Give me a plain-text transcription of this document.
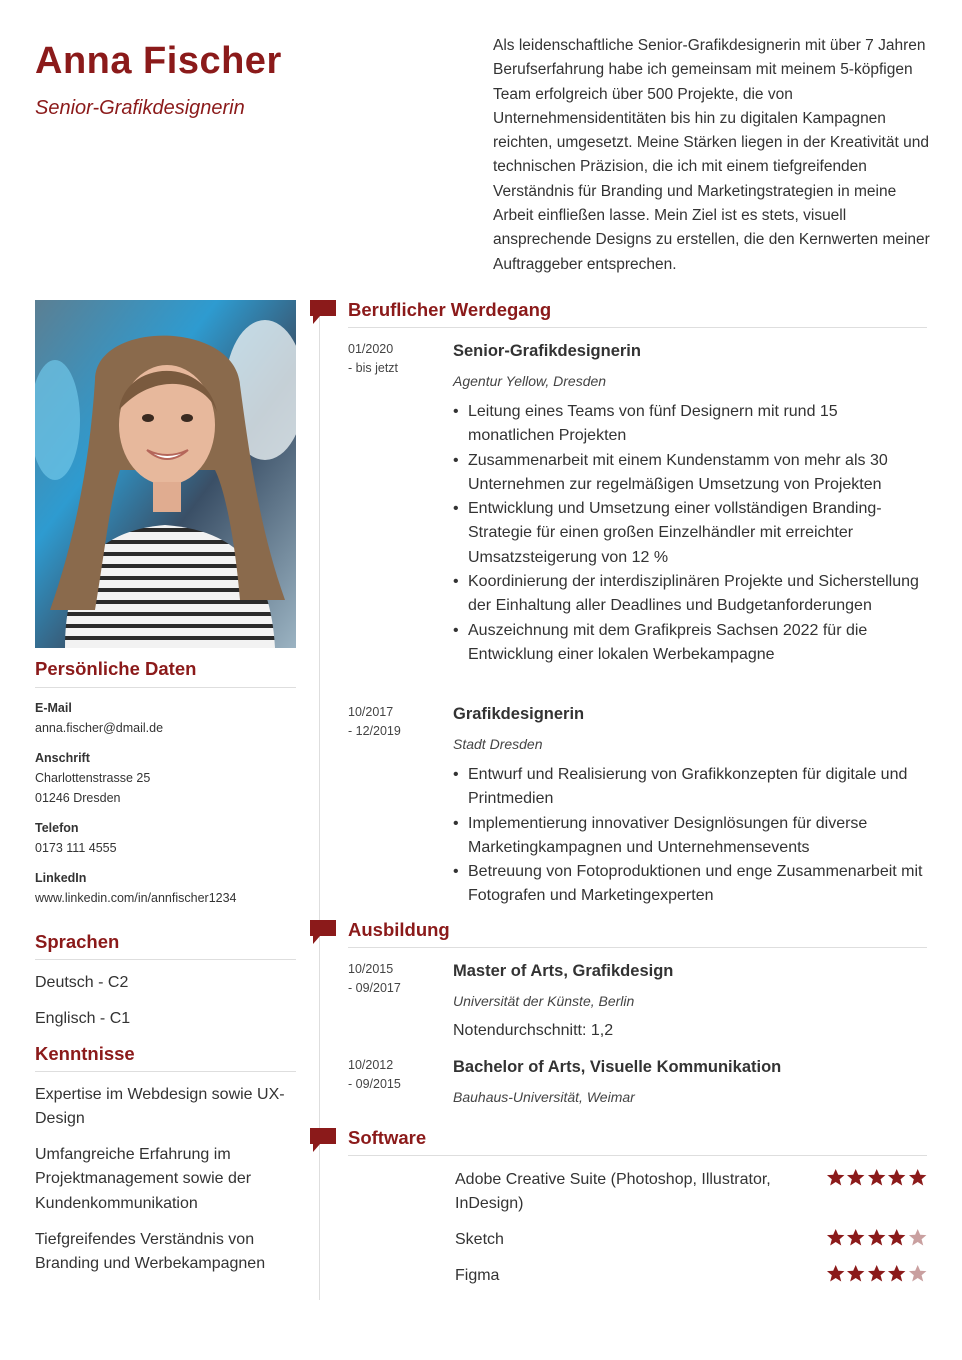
Anna Fischer
Senior-Grafikdesignerin

Als leidenschaftliche Senior-Grafikdesignerin mit über 7 Jahren Berufserfahrung habe ich gemeinsam mit meinem 5-köpfigen Team erfolgreich über 500 Projekte, die von Unternehmensidentitäten bis hin zu digitalen Kampagnen reichten, umgesetzt. Meine Stärken liegen in der Kreativität und technischen Präzision, die ich mit einem tiefgreifenden Verständnis für Branding und Marketingstrategien in meine Arbeit einfließen lasse. Mein Ziel ist es stets, visuell ansprechende Designs zu erstellen, die den Kernwerten meiner Auftraggeber entsprechen.

Persönliche Daten
E-Mail
anna.fischer@dmail.de
Anschrift
Charlottenstrasse 25
01246 Dresden
Telefon
0173 111 4555
LinkedIn
www.linkedin.com/in/annfischer1234
Sprachen
Deutsch - C2
Englisch - C1
Kenntnisse
Expertise im Webdesign sowie UX-Design
Umfangreiche Erfahrung im Projektmanagement sowie der Kundenkommunikation
Tiefgreifendes Verständnis von Branding und Werbekampagnen
Beruflicher Werdegang
01/2020
- bis jetzt
Senior-Grafikdesignerin
Agentur Yellow, Dresden
• Leitung eines Teams von fünf Designern mit rund 15 monatlichen Projekten
• Zusammenarbeit mit einem Kundenstamm von mehr als 30 Unternehmen zur regelmäßigen Umsetzung von Projekten
• Entwicklung und Umsetzung einer vollständigen Branding-Strategie für einen großen Einzelhändler mit erreichter Umsatzsteigerung von 12 %
• Koordinierung der interdisziplinären Projekte und Sicherstellung der Einhaltung aller Deadlines und Budgetanforderungen
• Auszeichnung mit dem Grafikpreis Sachsen 2022 für die Entwicklung einer lokalen Werbekampagne
10/2017
- 12/2019
Grafikdesignerin
Stadt Dresden
• Entwurf und Realisierung von Grafikkonzepten für digitale und Printmedien
• Implementierung innovativer Designlösungen für diverse Marketingkampagnen und Unternehmensevents
• Betreuung von Fotoproduktionen und enge Zusammenarbeit mit Fotografen und Marketingexperten
Ausbildung
10/2015
- 09/2017
Master of Arts, Grafikdesign
Universität der Künste, Berlin
Notendurchschnitt: 1,2
10/2012
- 09/2015
Bachelor of Arts, Visuelle Kommunikation
Bauhaus-Universität, Weimar
Software
Adobe Creative Suite (Photoshop, Illustrator, InDesign)
Sketch
Figma
